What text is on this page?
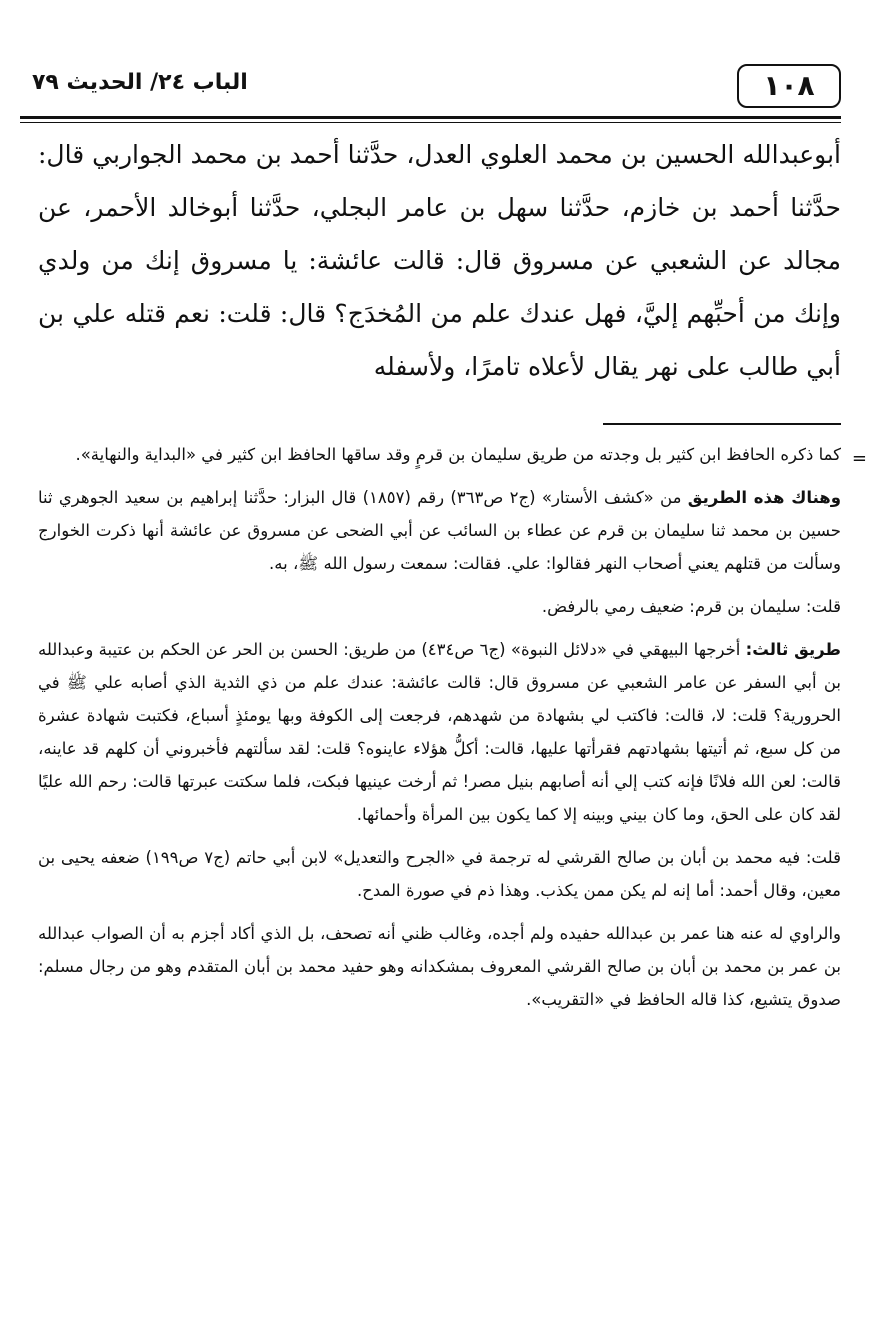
١٠٨
الباب ٢٤/ الحديث ٧٩

أبوعبدالله الحسين بن محمد العلوي العدل، حدَّثنا أحمد بن محمد الجواربي قال: حدَّثنا أحمد بن خازم، حدَّثنا سهل بن عامر البجلي، حدَّثنا أبوخالد الأحمر، عن مجالد عن الشعبي عن مسروق قال: قالت عائشة: يا مسروق إنك من ولدي وإنك من أحبِّهم إليَّ، فهل عندك علم من المُخدَج؟ قال: قلت: نعم قتله علي بن أبي طالب على نهر يقال لأعلاه تامرًا، ولأسفله

=

كما ذكره الحافظ ابن كثير بل وجدته من طريق سليمان بن قرمٍ وقد ساقها الحافظ ابن كثير في «البداية والنهاية».

وهناك هذه الطريق من «كشف الأستار» (ج٢ ص٣٦٣) رقم (١٨٥٧) قال البزار: حدَّثنا إبراهيم بن سعيد الجوهري ثنا حسين بن محمد ثنا سليمان بن قرم عن عطاء بن السائب عن أبي الضحى عن مسروق عن عائشة أنها ذكرت الخوارج وسألت من قتلهم يعني أصحاب النهر فقالوا: علي. فقالت: سمعت رسول الله ﷺ، به.

قلت: سليمان بن قرم: ضعيف رمي بالرفض.

طريق ثالث: أخرجها البيهقي في «دلائل النبوة» (ج٦ ص٤٣٤) من طريق: الحسن بن الحر عن الحكم بن عتيبة وعبدالله بن أبي السفر عن عامر الشعبي عن مسروق قال: قالت عائشة: عندك علم من ذي الثدية الذي أصابه علي ﷺ في الحرورية؟ قلت: لا، قالت: فاكتب لي بشهادة من شهدهم، فرجعت إلى الكوفة وبها يومئذٍ أسباع، فكتبت شهادة عشرة من كل سبع، ثم أتيتها بشهادتهم فقرأتها عليها، قالت: أكلُّ هؤلاء عاينوه؟ قلت: لقد سألتهم فأخبروني أن كلهم قد عاينه، قالت: لعن الله فلانًا فإنه كتب إلي أنه أصابهم بنيل مصر! ثم أرخت عينيها فبكت، فلما سكتت عبرتها قالت: رحم الله عليًا لقد كان على الحق، وما كان بيني وبينه إلا كما يكون بين المرأة وأحمائها.

قلت: فيه محمد بن أبان بن صالح القرشي له ترجمة في «الجرح والتعديل» لابن أبي حاتم (ج٧ ص١٩٩) ضعفه يحيى بن معين، وقال أحمد: أما إنه لم يكن ممن يكذب. وهذا ذم في صورة المدح.

والراوي له عنه هنا عمر بن عبدالله حفيده ولم أجده، وغالب ظني أنه تصحف، بل الذي أكاد أجزم به أن الصواب عبدالله بن عمر بن محمد بن أبان بن صالح القرشي المعروف بمشكدانه وهو حفيد محمد بن أبان المتقدم وهو من رجال مسلم: صدوق يتشيع، كذا قاله الحافظ في «التقريب».
